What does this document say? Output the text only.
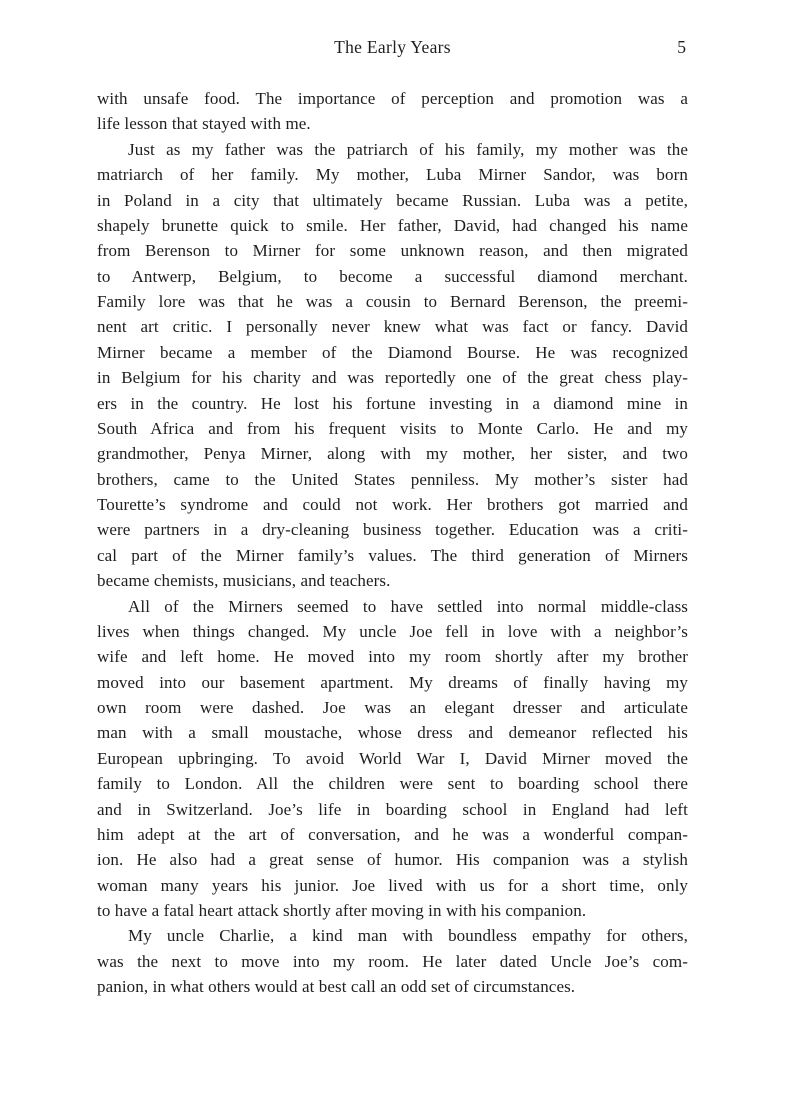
The Early Years	5
with unsafe food. The importance of perception and promotion was a
life lesson that stayed with me.
Just as my father was the patriarch of his family, my mother was the
matriarch of her family. My mother, Luba Mirner Sandor, was born
in Poland in a city that ultimately became Russian. Luba was a petite,
shapely brunette quick to smile. Her father, David, had changed his name
from Berenson to Mirner for some unknown reason, and then migrated
to Antwerp, Belgium, to become a successful diamond merchant.
Family lore was that he was a cousin to Bernard Berenson, the preemi-
nent art critic. I personally never knew what was fact or fancy. David
Mirner became a member of the Diamond Bourse. He was recognized
in Belgium for his charity and was reportedly one of the great chess play-
ers in the country. He lost his fortune investing in a diamond mine in
South Africa and from his frequent visits to Monte Carlo. He and my
grandmother, Penya Mirner, along with my mother, her sister, and two
brothers, came to the United States penniless. My mother’s sister had
Tourette’s syndrome and could not work. Her brothers got married and
were partners in a dry-cleaning business together. Education was a criti-
cal part of the Mirner family’s values. The third generation of Mirners
became chemists, musicians, and teachers.
All of the Mirners seemed to have settled into normal middle-class
lives when things changed. My uncle Joe fell in love with a neighbor’s
wife and left home. He moved into my room shortly after my brother
moved into our basement apartment. My dreams of finally having my
own room were dashed. Joe was an elegant dresser and articulate
man with a small moustache, whose dress and demeanor reflected his
European upbringing. To avoid World War I, David Mirner moved the
family to London. All the children were sent to boarding school there
and in Switzerland. Joe’s life in boarding school in England had left
him adept at the art of conversation, and he was a wonderful compan-
ion. He also had a great sense of humor. His companion was a stylish
woman many years his junior. Joe lived with us for a short time, only
to have a fatal heart attack shortly after moving in with his companion.
My uncle Charlie, a kind man with boundless empathy for others,
was the next to move into my room. He later dated Uncle Joe’s com-
panion, in what others would at best call an odd set of circumstances.
